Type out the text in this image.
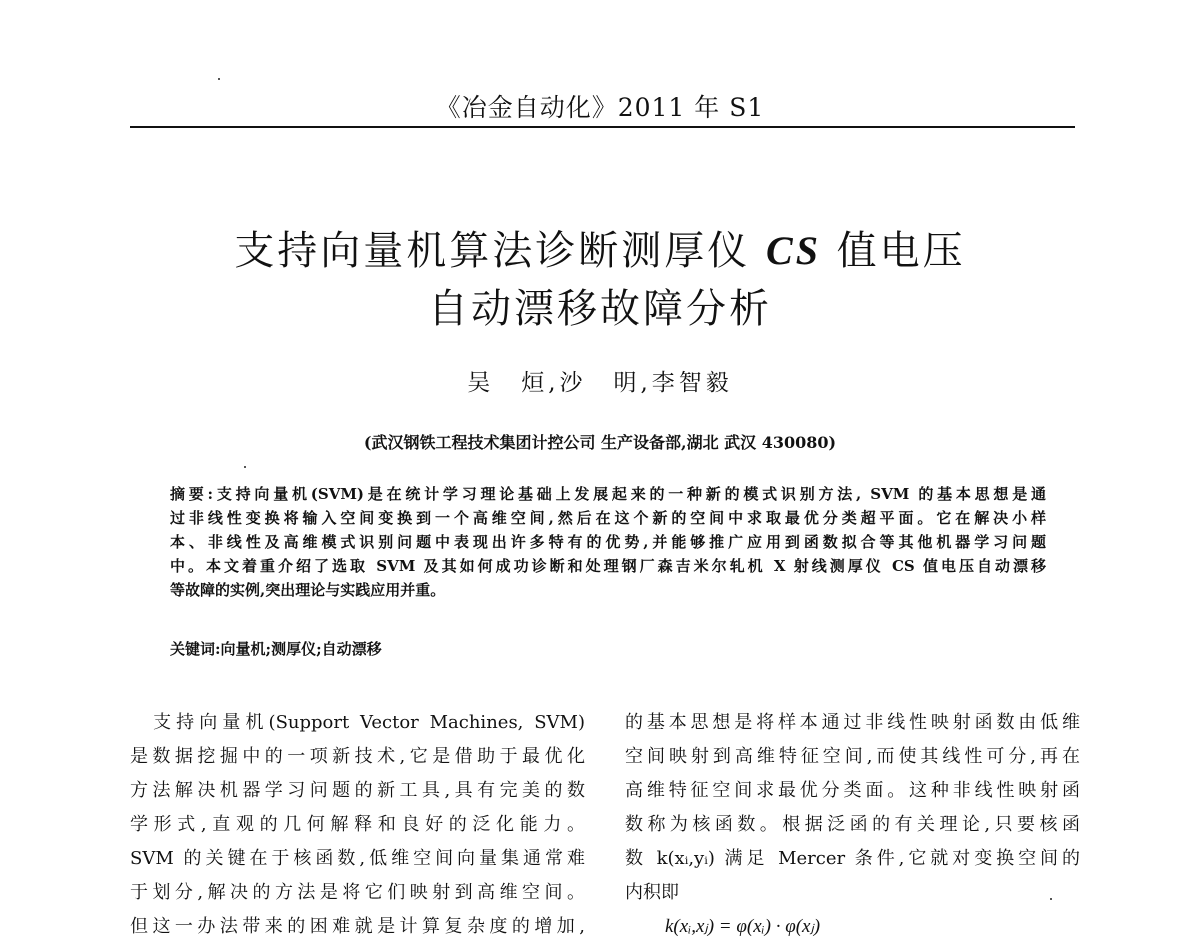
《冶金自动化》2011 年 S1
支持向量机算法诊断测厚仪 CS 值电压
自动漂移故障分析
吴　烜,沙　明,李智毅
(武汉钢铁工程技术集团计控公司 生产设备部,湖北 武汉 430080)
摘要:支持向量机(SVM)是在统计学习理论基础上发展起来的一种新的模式识别方法, SVM 的基本思想是通
过非线性变换将输入空间变换到一个高维空间,然后在这个新的空间中求取最优分类超平面。它在解决小样
本、非线性及高维模式识别问题中表现出许多特有的优势,并能够推广应用到函数拟合等其他机器学习问题
中。本文着重介绍了选取 SVM 及其如何成功诊断和处理钢厂森吉米尔轧机 X 射线测厚仪 CS 值电压自动漂移
等故障的实例,突出理论与实践应用并重。
关键词:向量机;测厚仪;自动漂移

　支持向量机(Support Vector Machines, SVM)

是数据挖掘中的一项新技术,它是借助于最优化

方法解决机器学习问题的新工具,具有完美的数

学形式,直观的几何解释和良好的泛化能力。

SVM 的关键在于核函数,低维空间向量集通常难

于划分,解决的方法是将它们映射到高维空间。

但这一办法带来的困难就是计算复杂度的增加,

的基本思想是将样本通过非线性映射函数由低维

空间映射到高维特征空间,而使其线性可分,再在

高维特征空间求最优分类面。这种非线性映射函

数称为核函数。根据泛函的有关理论,只要核函

数 k(xᵢ,yᵢ) 满足 Mercer 条件,它就对变换空间的

内积即

k(xᵢ,xⱼ) = φ(xᵢ) · φ(xⱼ)
